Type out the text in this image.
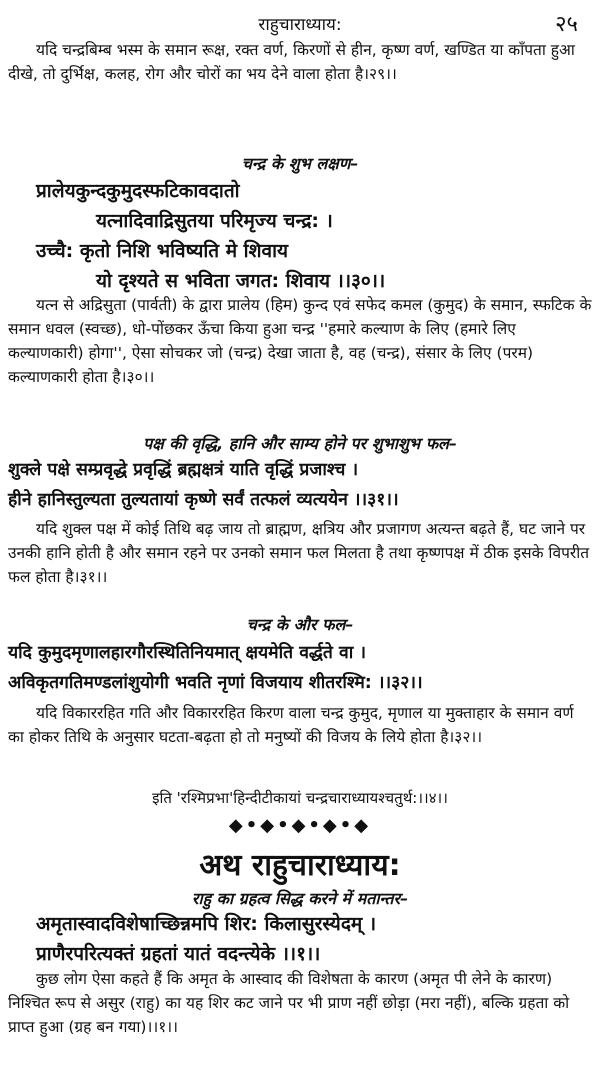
राहुचाराध्याय:	२५

यदि चन्द्रबिम्ब भस्म के समान रूक्ष, रक्त वर्ण, किरणों से हीन, कृष्ण वर्ण, खण्डित या काँपता हुआ दीखे, तो दुर्भिक्ष, कलह, रोग और चोरों का भय देने वाला होता है।२९।।

चन्द्र के शुभ लक्षण–
प्रालेयकुन्दकुमुदस्फटिकावदातो
यत्नादिवाद्रिसुतया परिमृज्य चन्द्र: ।
उच्चै: कृतो निशि भविष्यति मे शिवाय
यो दृश्यते स भविता जगत: शिवाय ।।३०।।

यत्न से अद्रिसुता (पार्वती) के द्वारा प्रालेय (हिम) कुन्द एवं सफेद कमल (कुमुद) के समान, स्फटिक के समान धवल (स्वच्छ), धो-पोंछकर ऊँचा किया हुआ चन्द्र ''हमारे कल्याण के लिए (हमारे लिए कल्याणकारी) होगा'', ऐसा सोचकर जो (चन्द्र) देखा जाता है, वह (चन्द्र), संसार के लिए (परम) कल्याणकारी होता है।३०।।

पक्ष की वृद्धि, हानि और साम्य होने पर शुभाशुभ फल–
शुक्ले पक्षे सम्प्रवृद्धे प्रवृद्धिं ब्रह्मक्षत्रं याति वृद्धिं प्रजाश्च ।
हीने हानिस्तुल्यता तुल्यतायां कृष्णे सर्वं तत्फलं व्यत्ययेन ।।३१।।

यदि शुक्ल पक्ष में कोई तिथि बढ़ जाय तो ब्राह्मण, क्षत्रिय और प्रजागण अत्यन्त बढ़ते हैं, घट जाने पर उनकी हानि होती है और समान रहने पर उनको समान फल मिलता है तथा कृष्णपक्ष में ठीक इसके विपरीत फल होता है।३१।।

चन्द्र के और फल–
यदि कुमुदमृणालहारगौरस्थितिनियमात् क्षयमेति वर्द्धते वा ।
अविकृतगतिमण्डलांशुयोगी भवति नृणां विजयाय शीतरश्मि: ।।३२।।

यदि विकाररहित गति और विकाररहित किरण वाला चन्द्र कुमुद, मृणाल या मुक्ताहार के समान वर्ण का होकर तिथि के अनुसार घटता-बढ़ता हो तो मनुष्यों की विजय के लिये होता है।३२।।

इति 'रश्मिप्रभा'हिन्दीटीकायां चन्द्रचाराध्यायश्चतुर्थ:।।४।।
◆•◆•◆•◆•◆
अथ राहुचाराध्याय:
राहु का ग्रहत्व सिद्ध करने में मतान्तर–
अमृतास्वादविशेषाच्छिन्नमपि शिर: किलासुरस्येदम् ।
प्राणैरपरित्यक्तं ग्रहतां यातं वदन्त्येके ।।१।।

कुछ लोग ऐसा कहते हैं कि अमृत के आस्वाद की विशेषता के कारण (अमृत पी लेने के कारण) निश्चित रूप से असुर (राहु) का यह शिर कट जाने पर भी प्राण नहीं छोड़ा (मरा नहीं), बल्कि ग्रहता को प्राप्त हुआ (ग्रह बन गया)।।१।।
